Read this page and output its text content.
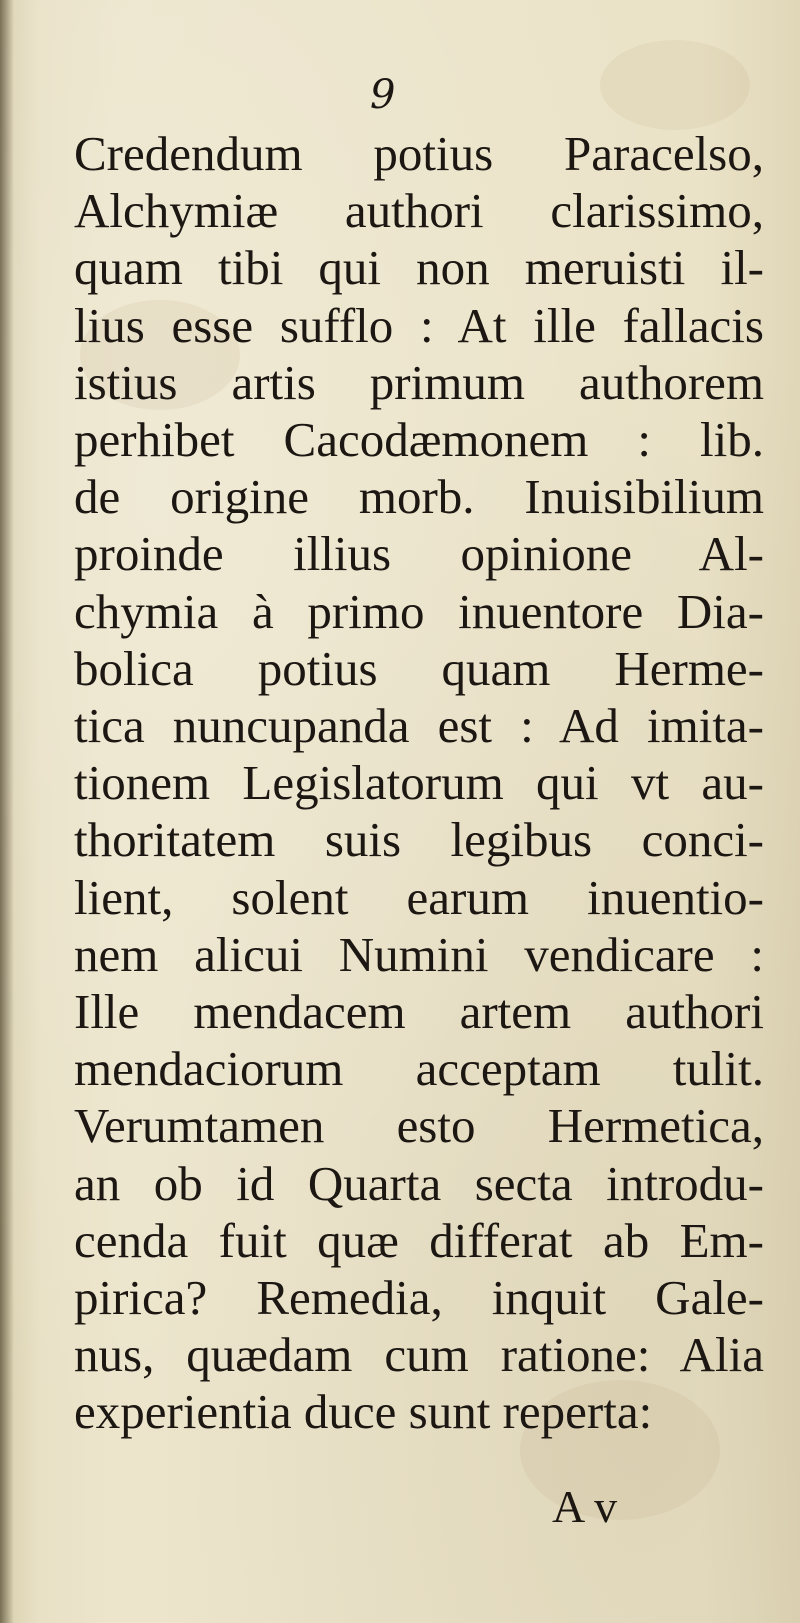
9
Credendum potius Paracelso,
Alchymiæ authori clarissimo,
quam tibi qui non meruisti il-
lius esse sufflo : At ille fallacis
istius artis primum authorem
perhibet Cacodæmonem : lib.
de origine morb. Inuisibilium
proinde illius opinione Al-
chymia à primo inuentore Dia-
bolica potius quam Herme-
tica nuncupanda est : Ad imita-
tionem Legislatorum qui vt au-
thoritatem suis legibus conci-
lient, solent earum inuentio-
nem alicui Numini vendicare :
Ille mendacem artem authori
mendaciorum acceptam tulit.
Verumtamen esto Hermetica,
an ob id Quarta secta introdu-
cenda fuit quæ differat ab Em-
pirica? Remedia, inquit Gale-
nus, quædam cum ratione: Alia
experientia duce sunt reperta:
A v
